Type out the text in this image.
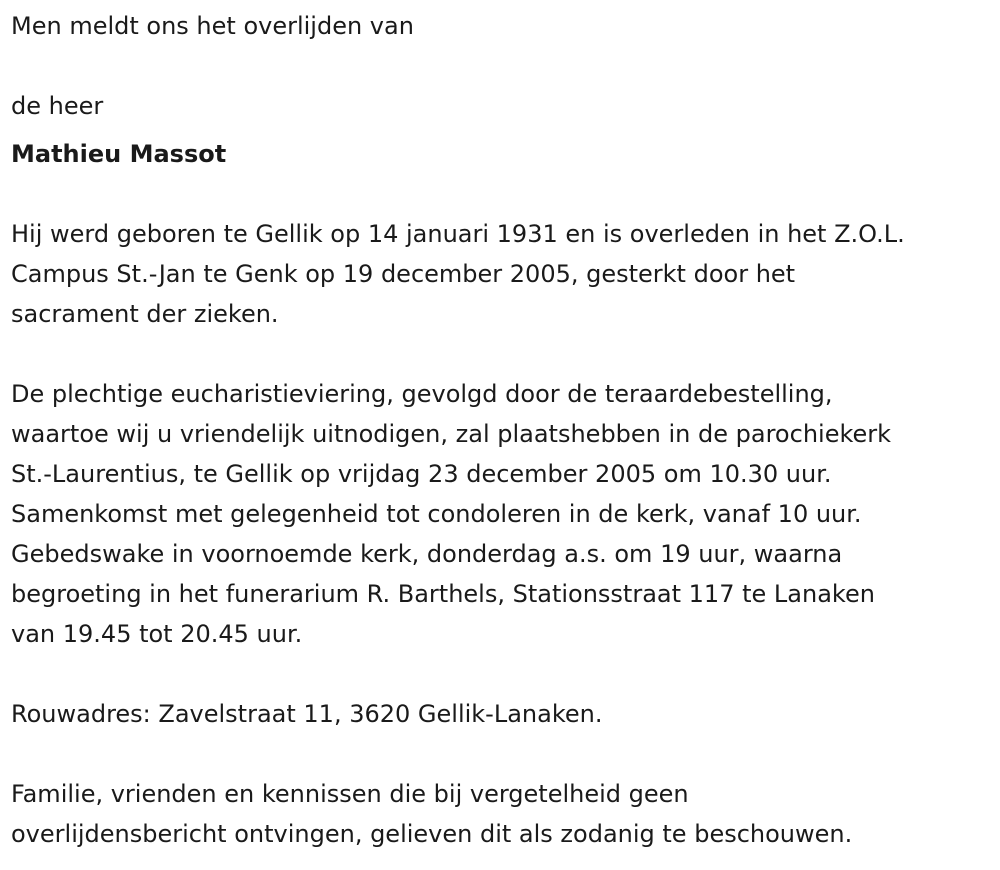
Men meldt ons het overlijden van

de heer

Mathieu Massot

Hij werd geboren te Gellik op 14 januari 1931 en is overleden in het Z.O.L.

Campus St.-Jan te Genk op 19 december 2005, gesterkt door het

sacrament der zieken.

De plechtige eucharistieviering, gevolgd door de teraardebestelling,

waartoe wij u vriendelijk uitnodigen, zal plaatshebben in de parochiekerk

St.-Laurentius, te Gellik op vrijdag 23 december 2005 om 10.30 uur.

Samenkomst met gelegenheid tot condoleren in de kerk, vanaf 10 uur.

Gebedswake in voornoemde kerk, donderdag a.s. om 19 uur, waarna

begroeting in het funerarium R. Barthels, Stationsstraat 117 te Lanaken

van 19.45 tot 20.45 uur.

Rouwadres: Zavelstraat 11, 3620 Gellik-Lanaken.

Familie, vrienden en kennissen die bij vergetelheid geen

overlijdensbericht ontvingen, gelieven dit als zodanig te beschouwen.
